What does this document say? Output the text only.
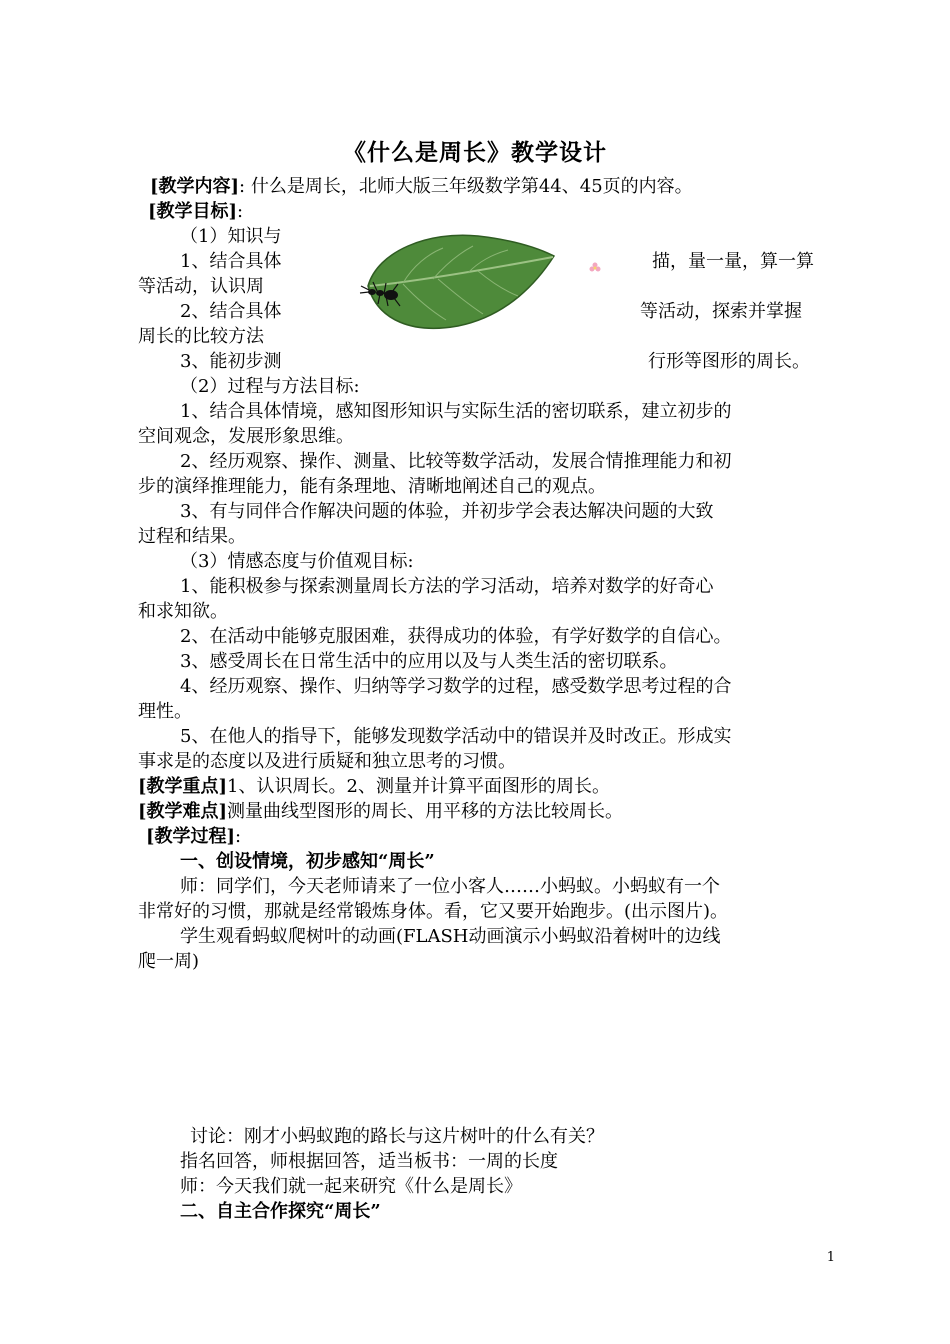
《什么是周长》教学设计
[教学内容]: 什么是周长，北师大版三年级数学第44、45页的内容。
[教学目标]:
（1）知识与
1、结合具体	描，量一量，算一算
等活动，认识周
2、结合具体	等活动，探索并掌握
周长的比较方法
3、能初步测	行形等图形的周长。
（2）过程与方法目标:
1、结合具体情境，感知图形知识与实际生活的密切联系，建立初步的
空间观念，发展形象思维。
2、经历观察、操作、测量、比较等数学活动，发展合情推理能力和初
步的演绎推理能力，能有条理地、清晰地阐述自己的观点。
3、有与同伴合作解决问题的体验，并初步学会表达解决问题的大致
过程和结果。
（3）情感态度与价值观目标:
1、能积极参与探索测量周长方法的学习活动，培养对数学的好奇心
和求知欲。
2、在活动中能够克服困难，获得成功的体验，有学好数学的自信心。
3、感受周长在日常生活中的应用以及与人类生活的密切联系。
4、经历观察、操作、归纳等学习数学的过程，感受数学思考过程的合
理性。
5、在他人的指导下，能够发现数学活动中的错误并及时改正。形成实
事求是的态度以及进行质疑和独立思考的习惯。
[教学重点]1、认识周长。2、测量并计算平面图形的周长。
[教学难点]测量曲线型图形的周长、用平移的方法比较周长。
[教学过程]:
一、创设情境，初步感知“周长”
师：同学们，今天老师请来了一位小客人……小蚂蚁。小蚂蚁有一个
非常好的习惯，那就是经常锻炼身体。看，它又要开始跑步。(出示图片)。
学生观看蚂蚁爬树叶的动画(FLASH动画演示小蚂蚁沿着树叶的边线
爬一周)
讨论：刚才小蚂蚁跑的路长与这片树叶的什么有关？
指名回答，师根据回答，适当板书：一周的长度
师：今天我们就一起来研究《什么是周长》
二、自主合作探究“周长”
1
